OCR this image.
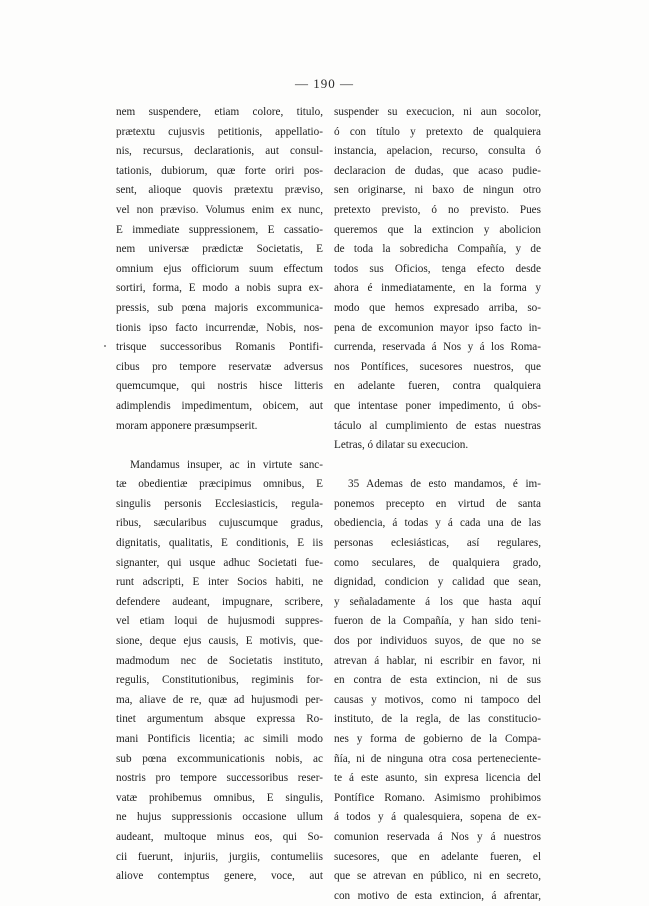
— 190 —
nem suspendere, etiam colore, titulo,
prætextu cujusvis petitionis, appellatio-
nis, recursus, declarationis, aut consul-
tationis, dubiorum, quæ forte oriri pos-
sent, alioque quovis prætextu præviso,
vel non præviso. Volumus enim ex nunc,
E immediate suppressionem, E cassatio-
nem universæ prædictæ Societatis, E
omnium ejus officiorum suum effectum
sortiri, forma, E modo a nobis supra ex-
pressis, sub pœna majoris excommunica-
tionis ipso facto incurrendæ, Nobis, nos-
trisque successoribus Romanis Pontifi-
cibus pro tempore reservatæ adversus
quemcumque, qui nostris hisce litteris
adimplendis impedimentum, obicem, aut
moram apponere præsumpserit.
Mandamus insuper, ac in virtute sanc-
tæ obedientiæ præcipimus omnibus, E
singulis personis Ecclesiasticis, regula-
ribus, sæcularibus cujuscumque gradus,
dignitatis, qualitatis, E conditionis, E iis
signanter, qui usque adhuc Societati fue-
runt adscripti, E inter Socios habiti, ne
defendere audeant, impugnare, scribere,
vel etiam loqui de hujusmodi suppres-
sione, deque ejus causis, E motivis, que-
madmodum nec de Societatis instituto,
regulis, Constitutionibus, regiminis for-
ma, aliave de re, quæ ad hujusmodi per-
tinet argumentum absque expressa Ro-
mani Pontificis licentia; ac simili modo
sub pœna excommunicationis nobis, ac
nostris pro tempore successoribus reser-
vatæ prohibemus omnibus, E singulis,
ne hujus suppressionis occasione ullum
audeant, multoque minus eos, qui So-
cii fuerunt, injuriis, jurgiis, contumeliis
aliove contemptus genere, voce, aut
suspender su execucion, ni aun socolor,
ó con título y pretexto de qualquiera
instancia, apelacion, recurso, consulta ó
declaracion de dudas, que acaso pudie-
sen originarse, ni baxo de ningun otro
pretexto previsto, ó no previsto. Pues
queremos que la extincion y abolicion
de toda la sobredicha Compañía, y de
todos sus Oficios, tenga efecto desde
ahora é inmediatamente, en la forma y
modo que hemos expresado arriba, so-
pena de excomunion mayor ipso facto in-
currenda, reservada á Nos y á los Roma-
nos Pontífices, sucesores nuestros, que
en adelante fueren, contra qualquiera
que intentase poner impedimento, ú obs-
táculo al cumplimiento de estas nuestras
Letras, ó dilatar su execucion.
35 Ademas de esto mandamos, é im-
ponemos precepto en virtud de santa
obediencia, á todas y á cada una de las
personas eclesiásticas, así regulares,
como seculares, de qualquiera grado,
dignidad, condicion y calidad que sean,
y señaladamente á los que hasta aquí
fueron de la Compañía, y han sido teni-
dos por individuos suyos, de que no se
atrevan á hablar, ni escribir en favor, ni
en contra de esta extincion, ni de sus
causas y motivos, como ni tampoco del
instituto, de la regla, de las constitucio-
nes y forma de gobierno de la Compa-
ñía, ni de ninguna otra cosa perteneciente-
te á este asunto, sin expresa licencia del
Pontífice Romano. Asimismo prohibimos
á todos y á qualesquiera, sopena de ex-
comunion reservada á Nos y á nuestros
sucesores, que en adelante fueren, el
que se atrevan en público, ni en secreto,
con motivo de esta extincion, á afrentar,
